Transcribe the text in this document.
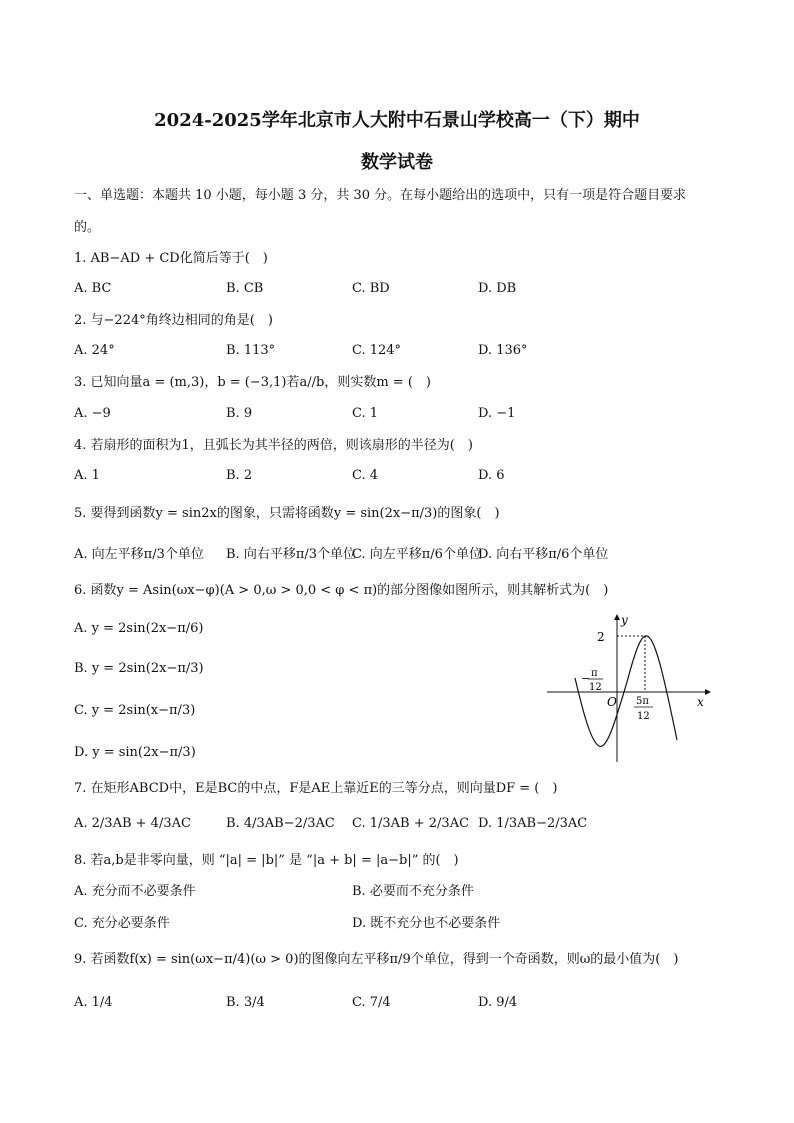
2024-2025学年北京市人大附中石景山学校高一（下）期中
数学试卷
一、单选题：本题共 10 小题，每小题 3 分，共 30 分。在每小题给出的选项中，只有一项是符合题目要求
的。
1. AB−AD + CD化简后等于(　)
A. BC	B. CB	C. BD	D. DB
2. 与−224°角终边相同的角是(　)
A. 24°	B. 113°	C. 124°	D. 136°
3. 已知向量a = (m,3)，b = (−3,1)若a//b，则实数m = (　)
A. −9	B. 9	C. 1	D. −1
4. 若扇形的面积为1，且弧长为其半径的两倍，则该扇形的半径为(　)
A. 1	B. 2	C. 4	D. 6
5. 要得到函数y = sin2x的图象，只需将函数y = sin(2x−π/3)的图象(　)
A. 向左平移π/3个单位 B. 向右平移π/3个单位
C. 向左平移π/6个单位
D. 向右平移π/6个单位
6. 函数y = Asin(ωx−φ)(A > 0,ω > 0,0 < φ < π)的部分图像如图所示，则其解析式为(　)
A. y = 2sin(2x−π/6)
B. y = 2sin(2x−π/3)
C. y = 2sin(x−π/3)
D. y = sin(2x−π/3)
7. 在矩形ABCD中，E是BC的中点，F是AE上靠近E的三等分点，则向量DF = (　)
A. 2/3AB + 4/3AC	B. 4/3AB−2/3AC C. 1/3AB + 2/3AC D. 1/3AB−2/3AC
8. 若a,b是非零向量，则 “|a| = |b|” 是 “|a + b| = |a−b|” 的(　)
A. 充分而不必要条件	B. 必要而不充分条件
C. 充分必要条件	D. 既不充分也不必要条件
9. 若函数f(x) = sin(ωx−π/4)(ω > 0)的图像向左平移π/9个单位，得到一个奇函数，则ω的最小值为(　)
A. 1/4	B. 3/4	C. 7/4	D. 9/4
y
x
O
2
− π
12
5π
12
